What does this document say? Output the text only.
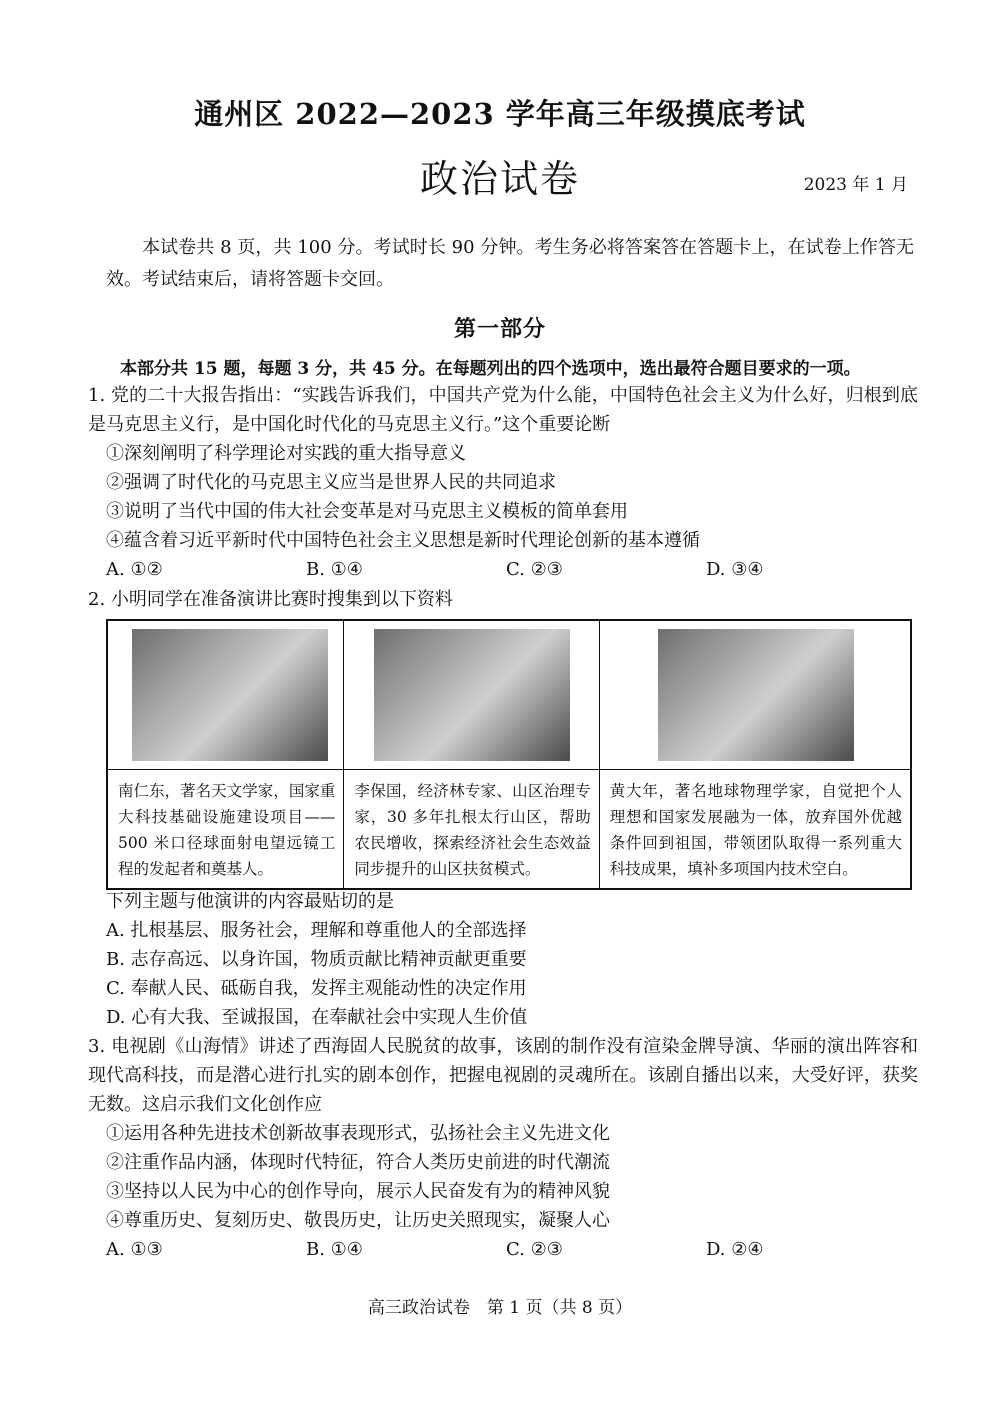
通州区 2022—2023 学年高三年级摸底考试
政治试卷	2023 年 1 月

本试卷共 8 页，共 100 分。考试时长 90 分钟。考生务必将答案答在答题卡上，在试卷上作答无效。考试结束后，请将答题卡交回。

第一部分
本部分共 15 题，每题 3 分，共 45 分。在每题列出的四个选项中，选出最符合题目要求的一项。

1. 党的二十大报告指出：“实践告诉我们，中国共产党为什么能，中国特色社会主义为什么好，归根到底是马克思主义行，是中国化时代化的马克思主义行。”这个重要论断

①深刻阐明了科学理论对实践的重大指导意义

②强调了时代化的马克思主义应当是世界人民的共同追求

③说明了当代中国的伟大社会变革是对马克思主义模板的简单套用

④蕴含着习近平新时代中国特色社会主义思想是新时代理论创新的基本遵循

A. ①②	B. ①④	C. ②③	D. ③④

2. 小明同学在准备演讲比赛时搜集到以下资料

南仁东，著名天文学家，国家重大科技基础设施建设项目——500 米口径球面射电望远镜工程的发起者和奠基人。	李保国，经济林专家、山区治理专家，30 多年扎根太行山区，帮助农民增收，探索经济社会生态效益同步提升的山区扶贫模式。	黄大年，著名地球物理学家，自觉把个人理想和国家发展融为一体，放弃国外优越条件回到祖国，带领团队取得一系列重大科技成果，填补多项国内技术空白。

下列主题与他演讲的内容最贴切的是

A. 扎根基层、服务社会，理解和尊重他人的全部选择

B. 志存高远、以身许国，物质贡献比精神贡献更重要

C. 奉献人民、砥砺自我，发挥主观能动性的决定作用

D. 心有大我、至诚报国，在奉献社会中实现人生价值

3. 电视剧《山海情》讲述了西海固人民脱贫的故事，该剧的制作没有渲染金牌导演、华丽的演出阵容和现代高科技，而是潜心进行扎实的剧本创作，把握电视剧的灵魂所在。该剧自播出以来，大受好评，获奖无数。这启示我们文化创作应

①运用各种先进技术创新故事表现形式，弘扬社会主义先进文化

②注重作品内涵，体现时代特征，符合人类历史前进的时代潮流

③坚持以人民为中心的创作导向，展示人民奋发有为的精神风貌

④尊重历史、复刻历史、敬畏历史，让历史关照现实，凝聚人心

A. ①③	B. ①④	C. ②③	D. ②④
高三政治试卷　第 1 页（共 8 页）
